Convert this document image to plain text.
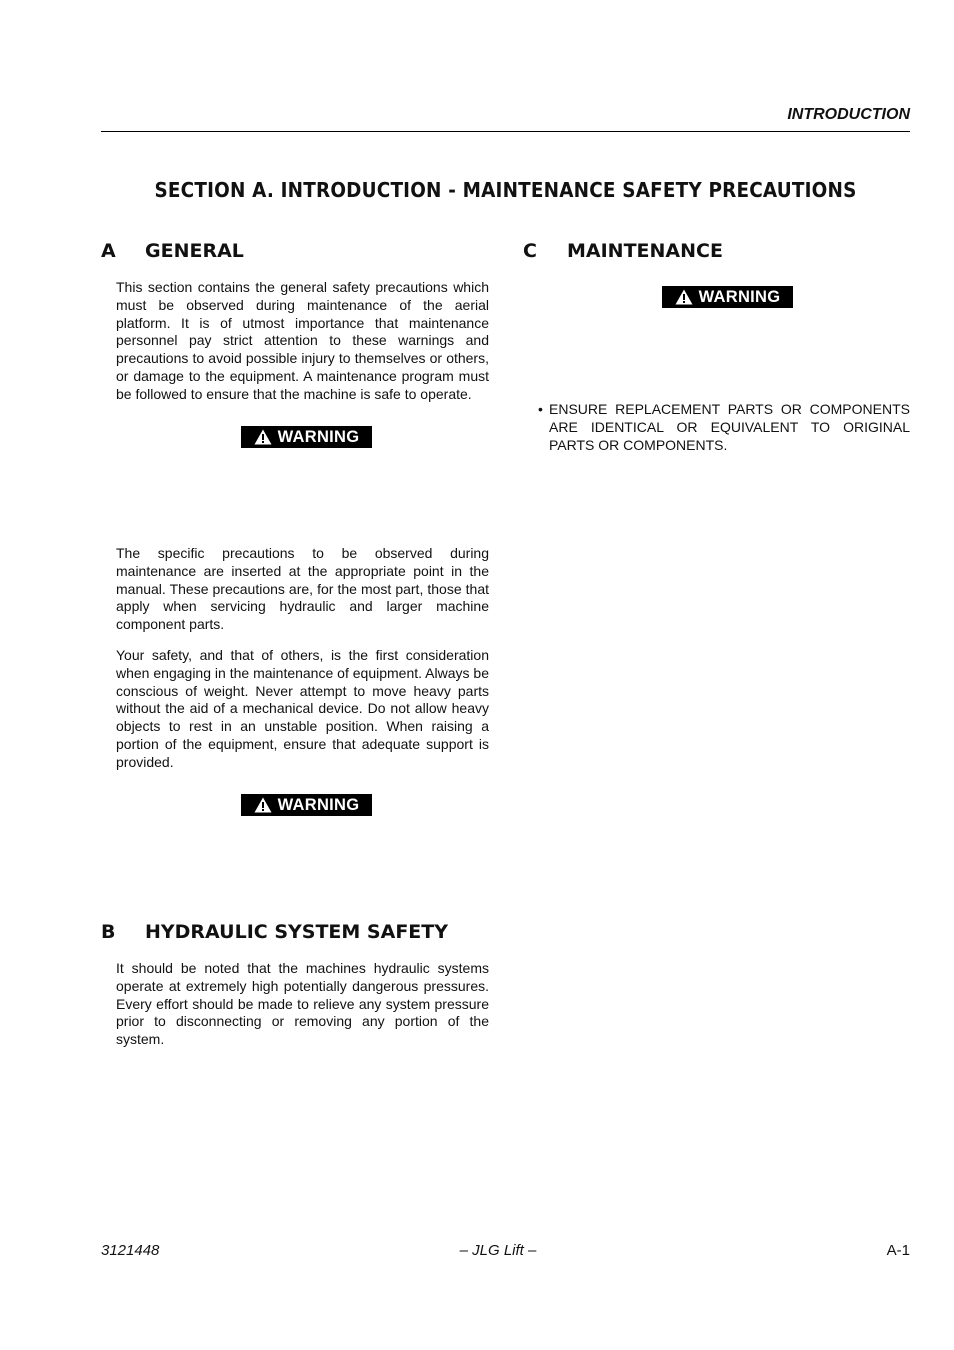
INTRODUCTION
SECTION A. INTRODUCTION - MAINTENANCE SAFETY PRECAUTIONS
A GENERAL

This section contains the general safety precautions which must be observed during maintenance of the aerial platform. It is of utmost importance that maintenance personnel pay strict attention to these warnings and precautions to avoid possible injury to themselves or others, or damage to the equipment. A maintenance program must be followed to ensure that the machine is safe to operate.

WARNING

The specific precautions to be observed during maintenance are inserted at the appropriate point in the manual. These precautions are, for the most part, those that apply when servicing hydraulic and larger machine component parts.

Your safety, and that of others, is the first consideration when engaging in the maintenance of equipment. Always be conscious of weight. Never attempt to move heavy parts without the aid of a mechanical device. Do not allow heavy objects to rest in an unstable position. When raising a portion of the equipment, ensure that adequate support is provided.

WARNING
B HYDRAULIC SYSTEM SAFETY

It should be noted that the machines hydraulic systems operate at extremely high potentially dangerous pressures. Every effort should be made to relieve any system pressure prior to disconnecting or removing any portion of the system.

C MAINTENANCE
WARNING
• ENSURE REPLACEMENT PARTS OR COMPONENTS ARE IDENTICAL OR EQUIVALENT TO ORIGINAL PARTS OR COMPONENTS.
3121448	– JLG Lift –	A-1
